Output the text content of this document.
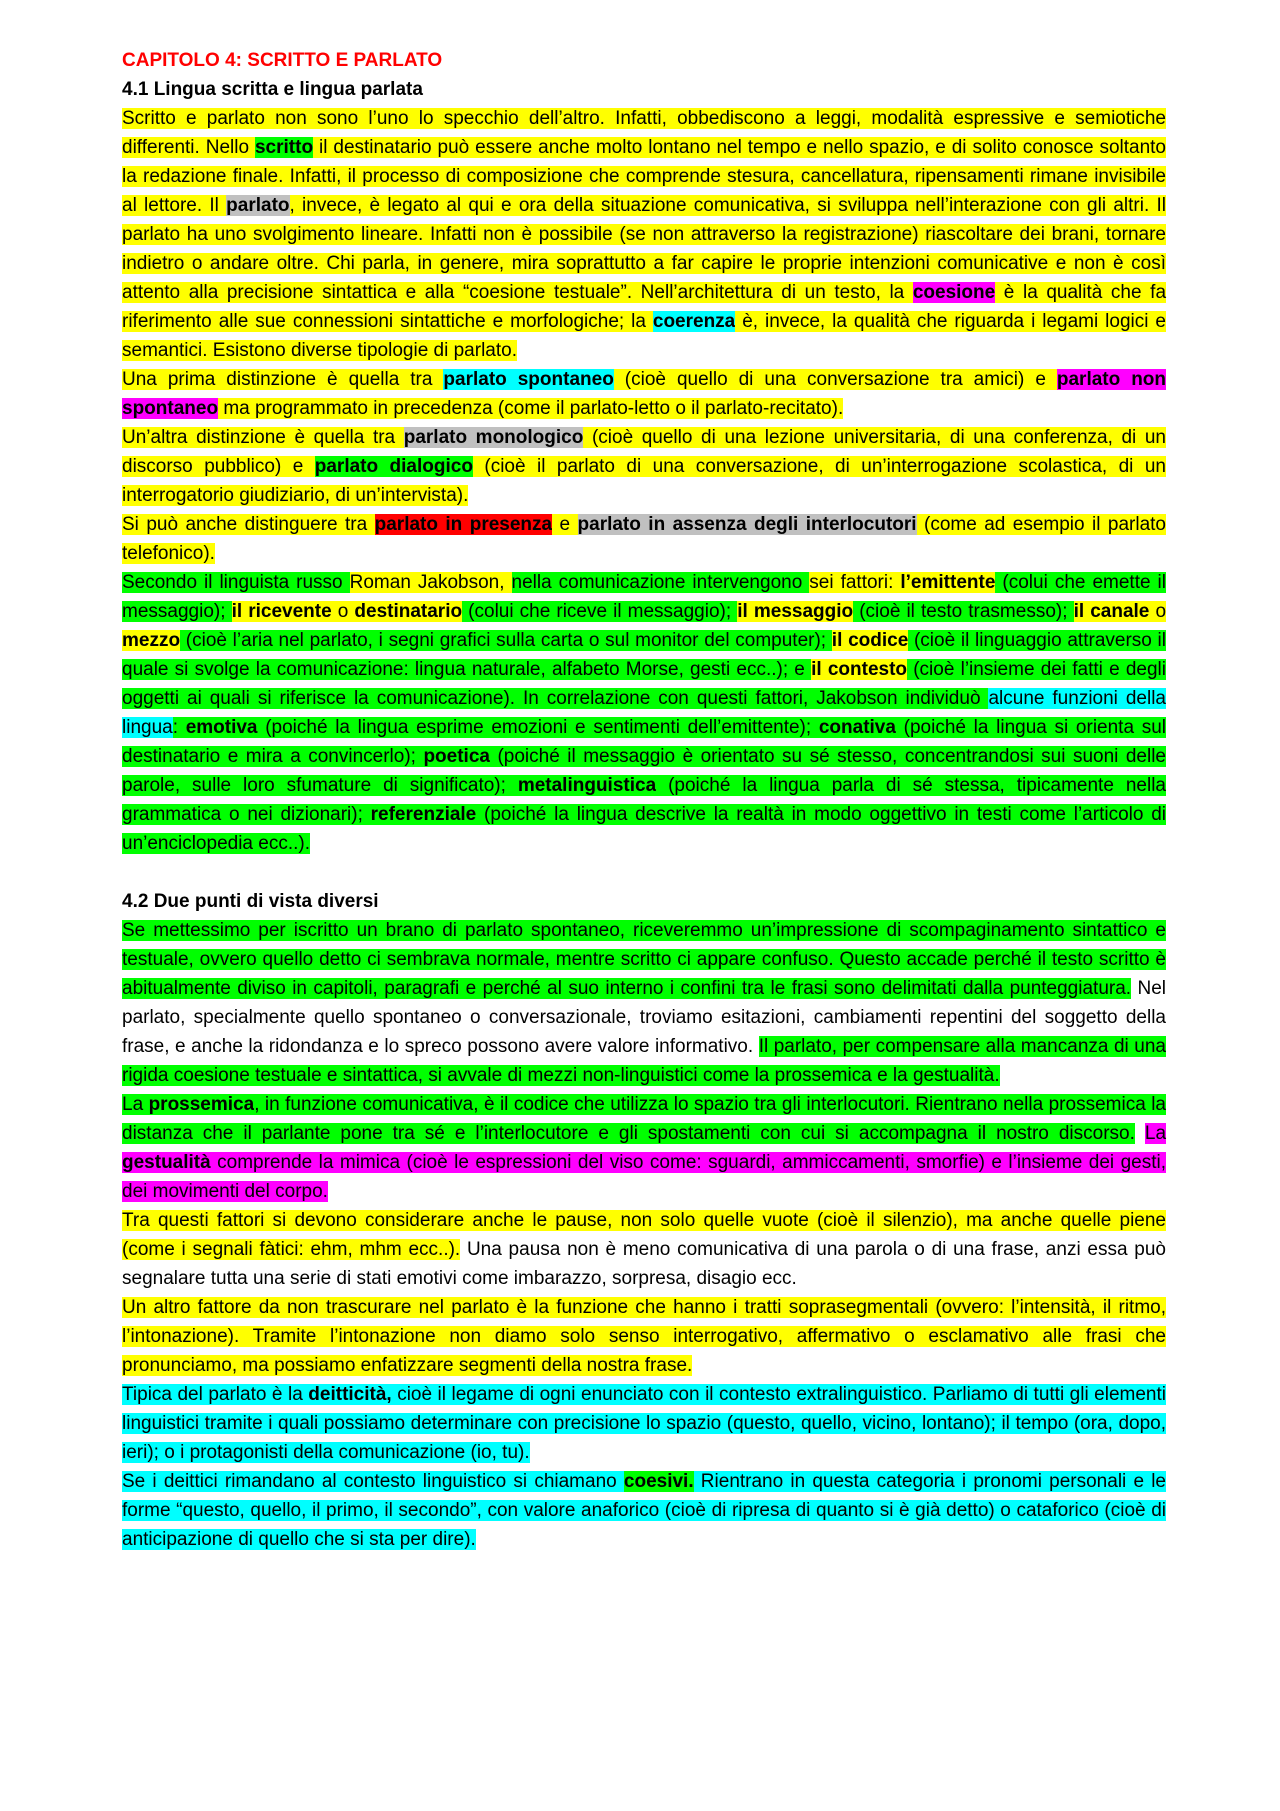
CAPITOLO 4: SCRITTO E PARLATO

4.1 Lingua scritta e lingua parlata

Scritto e parlato non sono l’uno lo specchio dell’altro. Infatti, obbediscono a leggi, modalità espressive e semiotiche differenti. Nello scritto il destinatario può essere anche molto lontano nel tempo e nello spazio, e di solito conosce soltanto la redazione finale. Infatti, il processo di composizione che comprende stesura, cancellatura, ripensamenti rimane invisibile al lettore. Il parlato, invece, è legato al qui e ora della situazione comunicativa, si sviluppa nell’interazione con gli altri. Il parlato ha uno svolgimento lineare. Infatti non è possibile (se non attraverso la registrazione) riascoltare dei brani, tornare indietro o andare oltre. Chi parla, in genere, mira soprattutto a far capire le proprie intenzioni comunicative e non è così attento alla precisione sintattica e alla “coesione testuale”. Nell’architettura di un testo, la coesione è la qualità che fa riferimento alle sue connessioni sintattiche e morfologiche; la coerenza è, invece, la qualità che riguarda i legami logici e semantici. Esistono diverse tipologie di parlato.

Una prima distinzione è quella tra parlato spontaneo (cioè quello di una conversazione tra amici) e parlato non spontaneo ma programmato in precedenza (come il parlato-letto o il parlato-recitato).

Un’altra distinzione è quella tra parlato monologico (cioè quello di una lezione universitaria, di una conferenza, di un discorso pubblico) e parlato dialogico (cioè il parlato di una conversazione, di un’interrogazione scolastica, di un interrogatorio giudiziario, di un’intervista).

Si può anche distinguere tra parlato in presenza e parlato in assenza degli interlocutori (come ad esempio il parlato telefonico).

Secondo il linguista russo Roman Jakobson, nella comunicazione intervengono sei fattori: l’emittente (colui che emette il messaggio); il ricevente o destinatario (colui che riceve il messaggio); il messaggio (cioè il testo trasmesso); il canale o mezzo (cioè l’aria nel parlato, i segni grafici sulla carta o sul monitor del computer); il codice (cioè il linguaggio attraverso il quale si svolge la comunicazione: lingua naturale, alfabeto Morse, gesti ecc..); e il contesto (cioè l’insieme dei fatti e degli oggetti ai quali si riferisce la comunicazione). In correlazione con questi fattori, Jakobson individuò alcune funzioni della lingua: emotiva (poiché la lingua esprime emozioni e sentimenti dell’emittente); conativa (poiché la lingua si orienta sul destinatario e mira a convincerlo); poetica (poiché il messaggio è orientato su sé stesso, concentrandosi sui suoni delle parole, sulle loro sfumature di significato); metalinguistica (poiché la lingua parla di sé stessa, tipicamente nella grammatica o nei dizionari); referenziale (poiché la lingua descrive la realtà in modo oggettivo in testi come l’articolo di un’enciclopedia ecc..).

4.2 Due punti di vista diversi

Se mettessimo per iscritto un brano di parlato spontaneo, riceveremmo un’impressione di scompaginamento sintattico e testuale, ovvero quello detto ci sembrava normale, mentre scritto ci appare confuso. Questo accade perché il testo scritto è abitualmente diviso in capitoli, paragrafi e perché al suo interno i confini tra le frasi sono delimitati dalla punteggiatura. Nel parlato, specialmente quello spontaneo o conversazionale, troviamo esitazioni, cambiamenti repentini del soggetto della frase, e anche la ridondanza e lo spreco possono avere valore informativo. Il parlato, per compensare alla mancanza di una rigida coesione testuale e sintattica, si avvale di mezzi non-linguistici come la prossemica e la gestualità.

La prossemica, in funzione comunicativa, è il codice che utilizza lo spazio tra gli interlocutori. Rientrano nella prossemica la distanza che il parlante pone tra sé e l’interlocutore e gli spostamenti con cui si accompagna il nostro discorso. La gestualità comprende la mimica (cioè le espressioni del viso come: sguardi, ammiccamenti, smorfie) e l’insieme dei gesti, dei movimenti del corpo.

Tra questi fattori si devono considerare anche le pause, non solo quelle vuote (cioè il silenzio), ma anche quelle piene (come i segnali fàtici: ehm, mhm ecc..). Una pausa non è meno comunicativa di una parola o di una frase, anzi essa può segnalare tutta una serie di stati emotivi come imbarazzo, sorpresa, disagio ecc.

Un altro fattore da non trascurare nel parlato è la funzione che hanno i tratti soprasegmentali (ovvero: l’intensità, il ritmo, l’intonazione). Tramite l’intonazione non diamo solo senso interrogativo, affermativo o esclamativo alle frasi che pronunciamo, ma possiamo enfatizzare segmenti della nostra frase.

Tipica del parlato è la deitticità, cioè il legame di ogni enunciato con il contesto extralinguistico. Parliamo di tutti gli elementi linguistici tramite i quali possiamo determinare con precisione lo spazio (questo, quello, vicino, lontano); il tempo (ora, dopo, ieri); o i protagonisti della comunicazione (io, tu).

Se i deittici rimandano al contesto linguistico si chiamano coesivi. Rientrano in questa categoria i pronomi personali e le forme “questo, quello, il primo, il secondo”, con valore anaforico (cioè di ripresa di quanto si è già detto) o cataforico (cioè di anticipazione di quello che si sta per dire).
